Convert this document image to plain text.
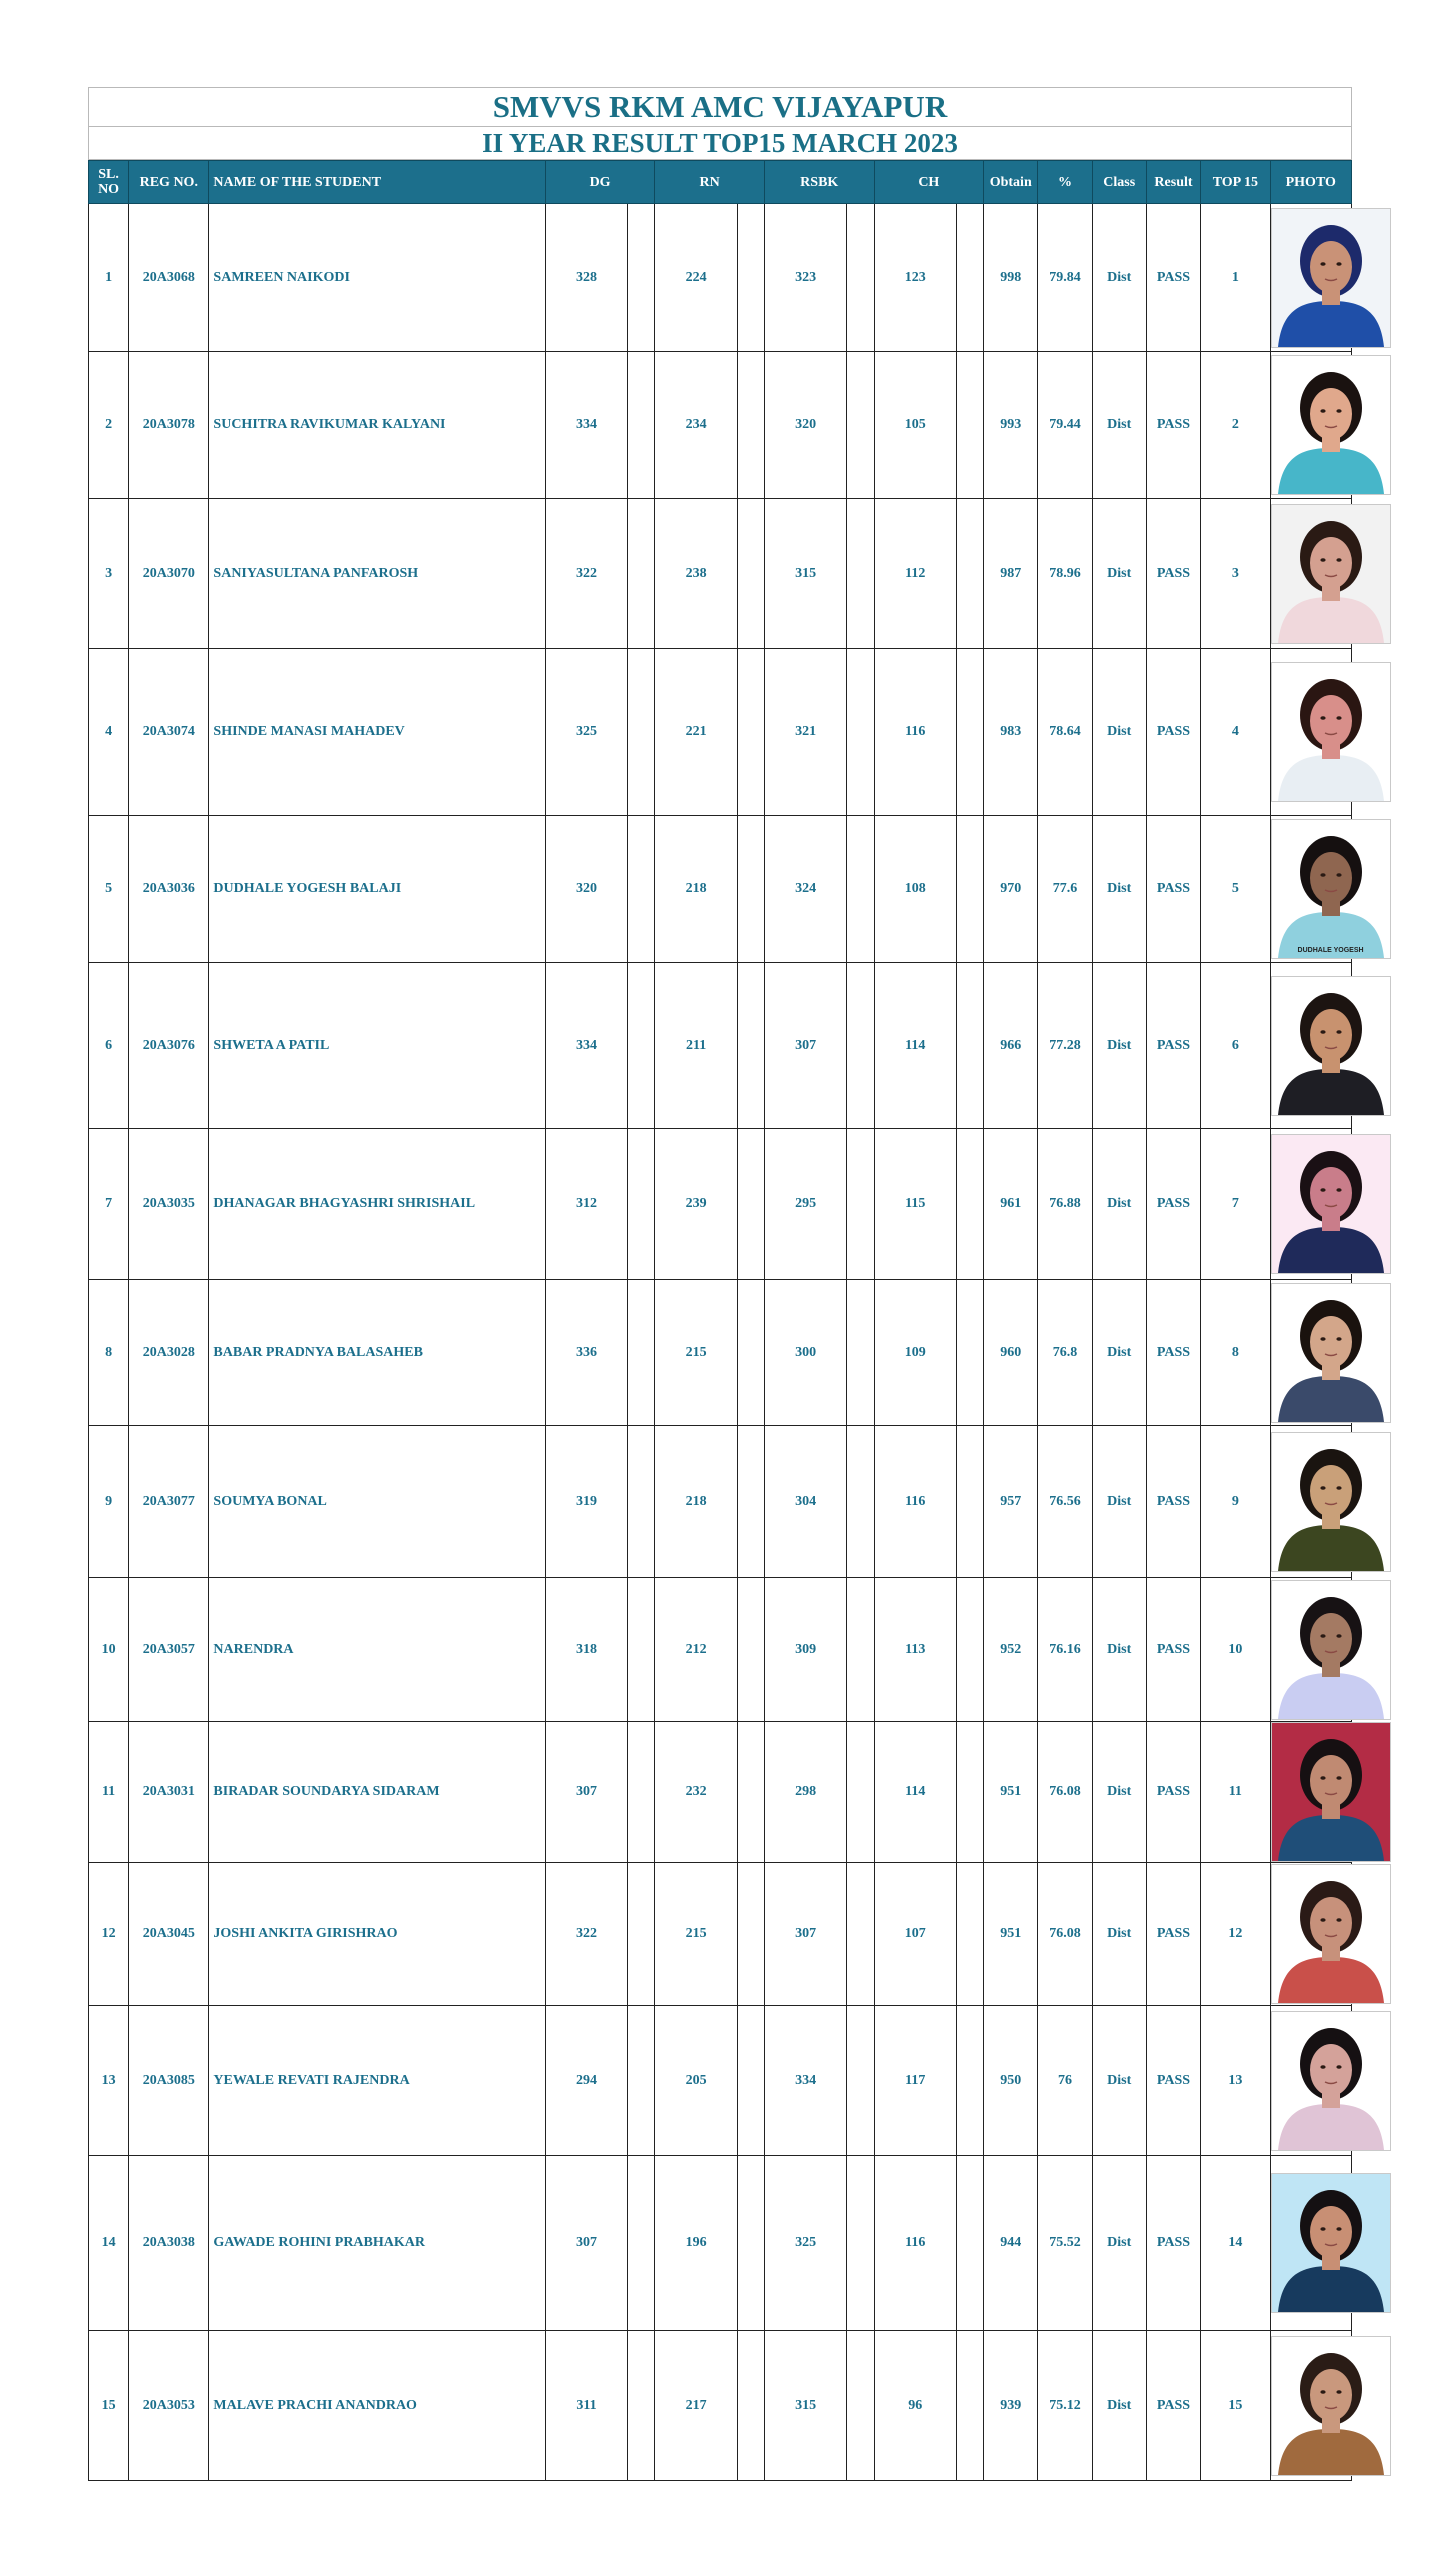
SMVVS RKM AMC VIJAYAPUR
II YEAR RESULT TOP15 MARCH 2023
SL. NO	REG NO.	NAME OF THE STUDENT	DG		RN		RSBK		CH		Obtain	%	Class	Result	TOP 15	PHOTO
1	20A3068	SAMREEN NAIKODI	328		224		323		123		998	79.84	Dist	PASS	1	

2	20A3078	SUCHITRA RAVIKUMAR KALYANI	334		234		320		105		993	79.44	Dist	PASS	2	

3	20A3070	SANIYASULTANA PANFAROSH	322		238		315		112		987	78.96	Dist	PASS	3	

4	20A3074	SHINDE MANASI MAHADEV	325		221		321		116		983	78.64	Dist	PASS	4	

5	20A3036	DUDHALE YOGESH BALAJI	320		218		324		108		970	77.6	Dist	PASS	5	DUDHALE YOGESH

6	20A3076	SHWETA A PATIL	334		211		307		114		966	77.28	Dist	PASS	6	

7	20A3035	DHANAGAR BHAGYASHRI SHRISHAIL	312		239		295		115		961	76.88	Dist	PASS	7	

8	20A3028	BABAR PRADNYA BALASAHEB	336		215		300		109		960	76.8	Dist	PASS	8	

9	20A3077	SOUMYA BONAL	319		218		304		116		957	76.56	Dist	PASS	9	

10	20A3057	NARENDRA	318		212		309		113		952	76.16	Dist	PASS	10	

11	20A3031	BIRADAR SOUNDARYA SIDARAM	307		232		298		114		951	76.08	Dist	PASS	11	

12	20A3045	JOSHI ANKITA GIRISHRAO	322		215		307		107		951	76.08	Dist	PASS	12	

13	20A3085	YEWALE REVATI RAJENDRA	294		205		334		117		950	76	Dist	PASS	13	

14	20A3038	GAWADE ROHINI PRABHAKAR	307		196		325		116		944	75.52	Dist	PASS	14	

15	20A3053	MALAVE PRACHI ANANDRAO	311		217		315		96		939	75.12	Dist	PASS	15	
